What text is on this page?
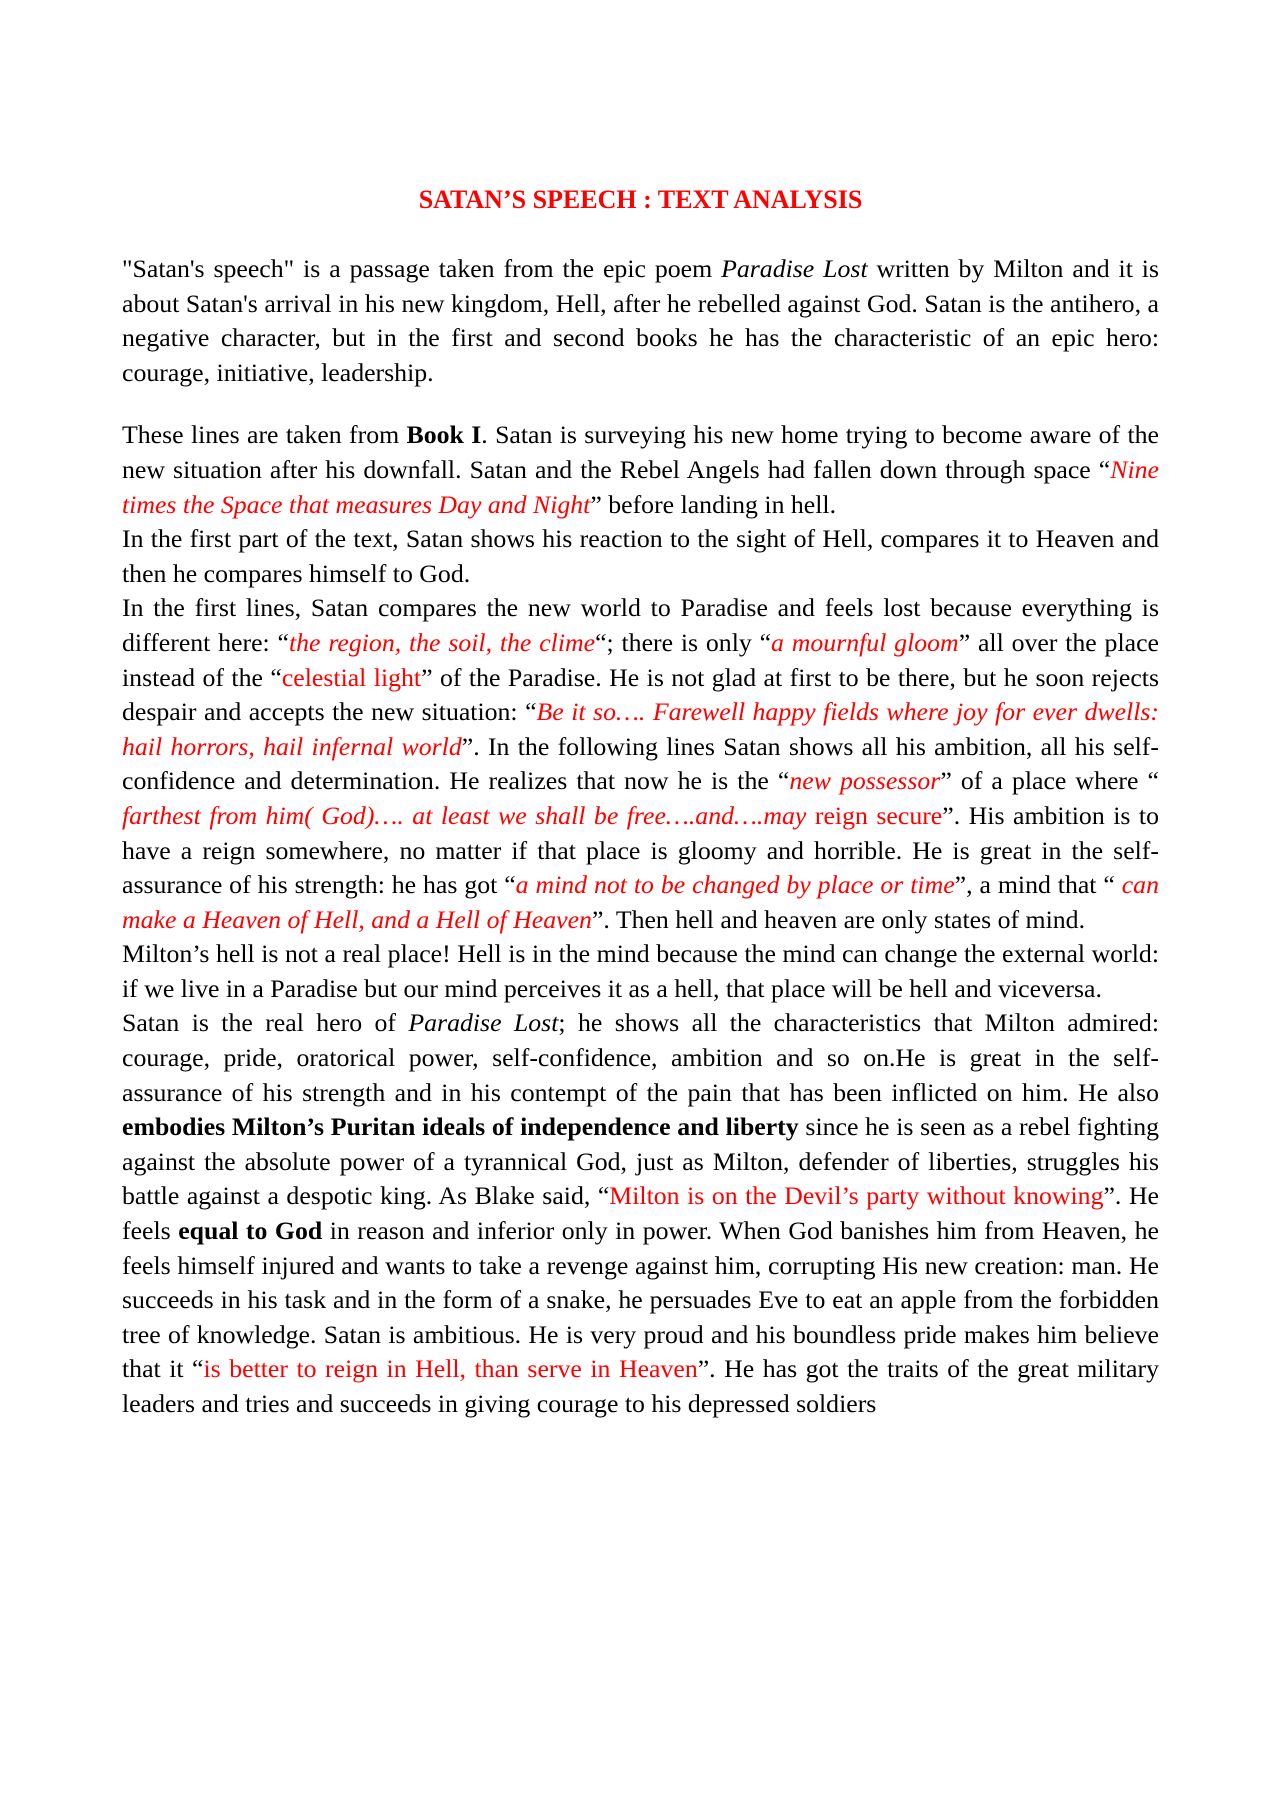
SATAN’S SPEECH : TEXT ANALYSIS

"Satan's speech" is a passage taken from the epic poem Paradise Lost written by Milton and it is about Satan's arrival in his new kingdom, Hell, after he rebelled against God. Satan is the antihero, a negative character, but in the first and second books he has the characteristic of an epic hero: courage, initiative, leadership.

These lines are taken from Book I. Satan is surveying his new home trying to become aware of the new situation after his downfall. Satan and the Rebel Angels had fallen down through space “Nine times the Space that measures Day and Night” before landing in hell.

In the first part of the text, Satan shows his reaction to the sight of Hell, compares it to Heaven and then he compares himself to God.

In the first lines, Satan compares the new world to Paradise and feels lost because everything is different here: “the region, the soil, the clime“; there is only “a mournful gloom” all over the place instead of the “celestial light” of the Paradise. He is not glad at first to be there, but he soon rejects despair and accepts the new situation: “Be it so…. Farewell happy fields where joy for ever dwells: hail horrors, hail infernal world”. In the following lines Satan shows all his ambition, all his self-confidence and determination. He realizes that now he is the “new possessor” of a place where “ farthest from him( God)…. at least we shall be free….and….may reign secure”. His ambition is to have a reign somewhere, no matter if that place is gloomy and horrible. He is great in the self-assurance of his strength: he has got “a mind not to be changed by place or time”, a mind that “ can make a Heaven of Hell, and a Hell of Heaven”. Then hell and heaven are only states of mind.

Milton’s hell is not a real place! Hell is in the mind because the mind can change the external world: if we live in a Paradise but our mind perceives it as a hell, that place will be hell and viceversa.

Satan is the real hero of Paradise Lost; he shows all the characteristics that Milton admired: courage, pride, oratorical power, self-confidence, ambition and so on.He is great in the self-assurance of his strength and in his contempt of the pain that has been inflicted on him. He also embodies Milton’s Puritan ideals of independence and liberty since he is seen as a rebel fighting against the absolute power of a tyrannical God, just as Milton, defender of liberties, struggles his battle against a despotic king. As Blake said, “Milton is on the Devil’s party without knowing”. He feels equal to God in reason and inferior only in power. When God banishes him from Heaven, he feels himself injured and wants to take a revenge against him, corrupting His new creation: man. He succeeds in his task and in the form of a snake, he persuades Eve to eat an apple from the forbidden tree of knowledge. Satan is ambitious. He is very proud and his boundless pride makes him believe that it “is better to reign in Hell, than serve in Heaven”. He has got the traits of the great military leaders and tries and succeeds in giving courage to his depressed soldiers
